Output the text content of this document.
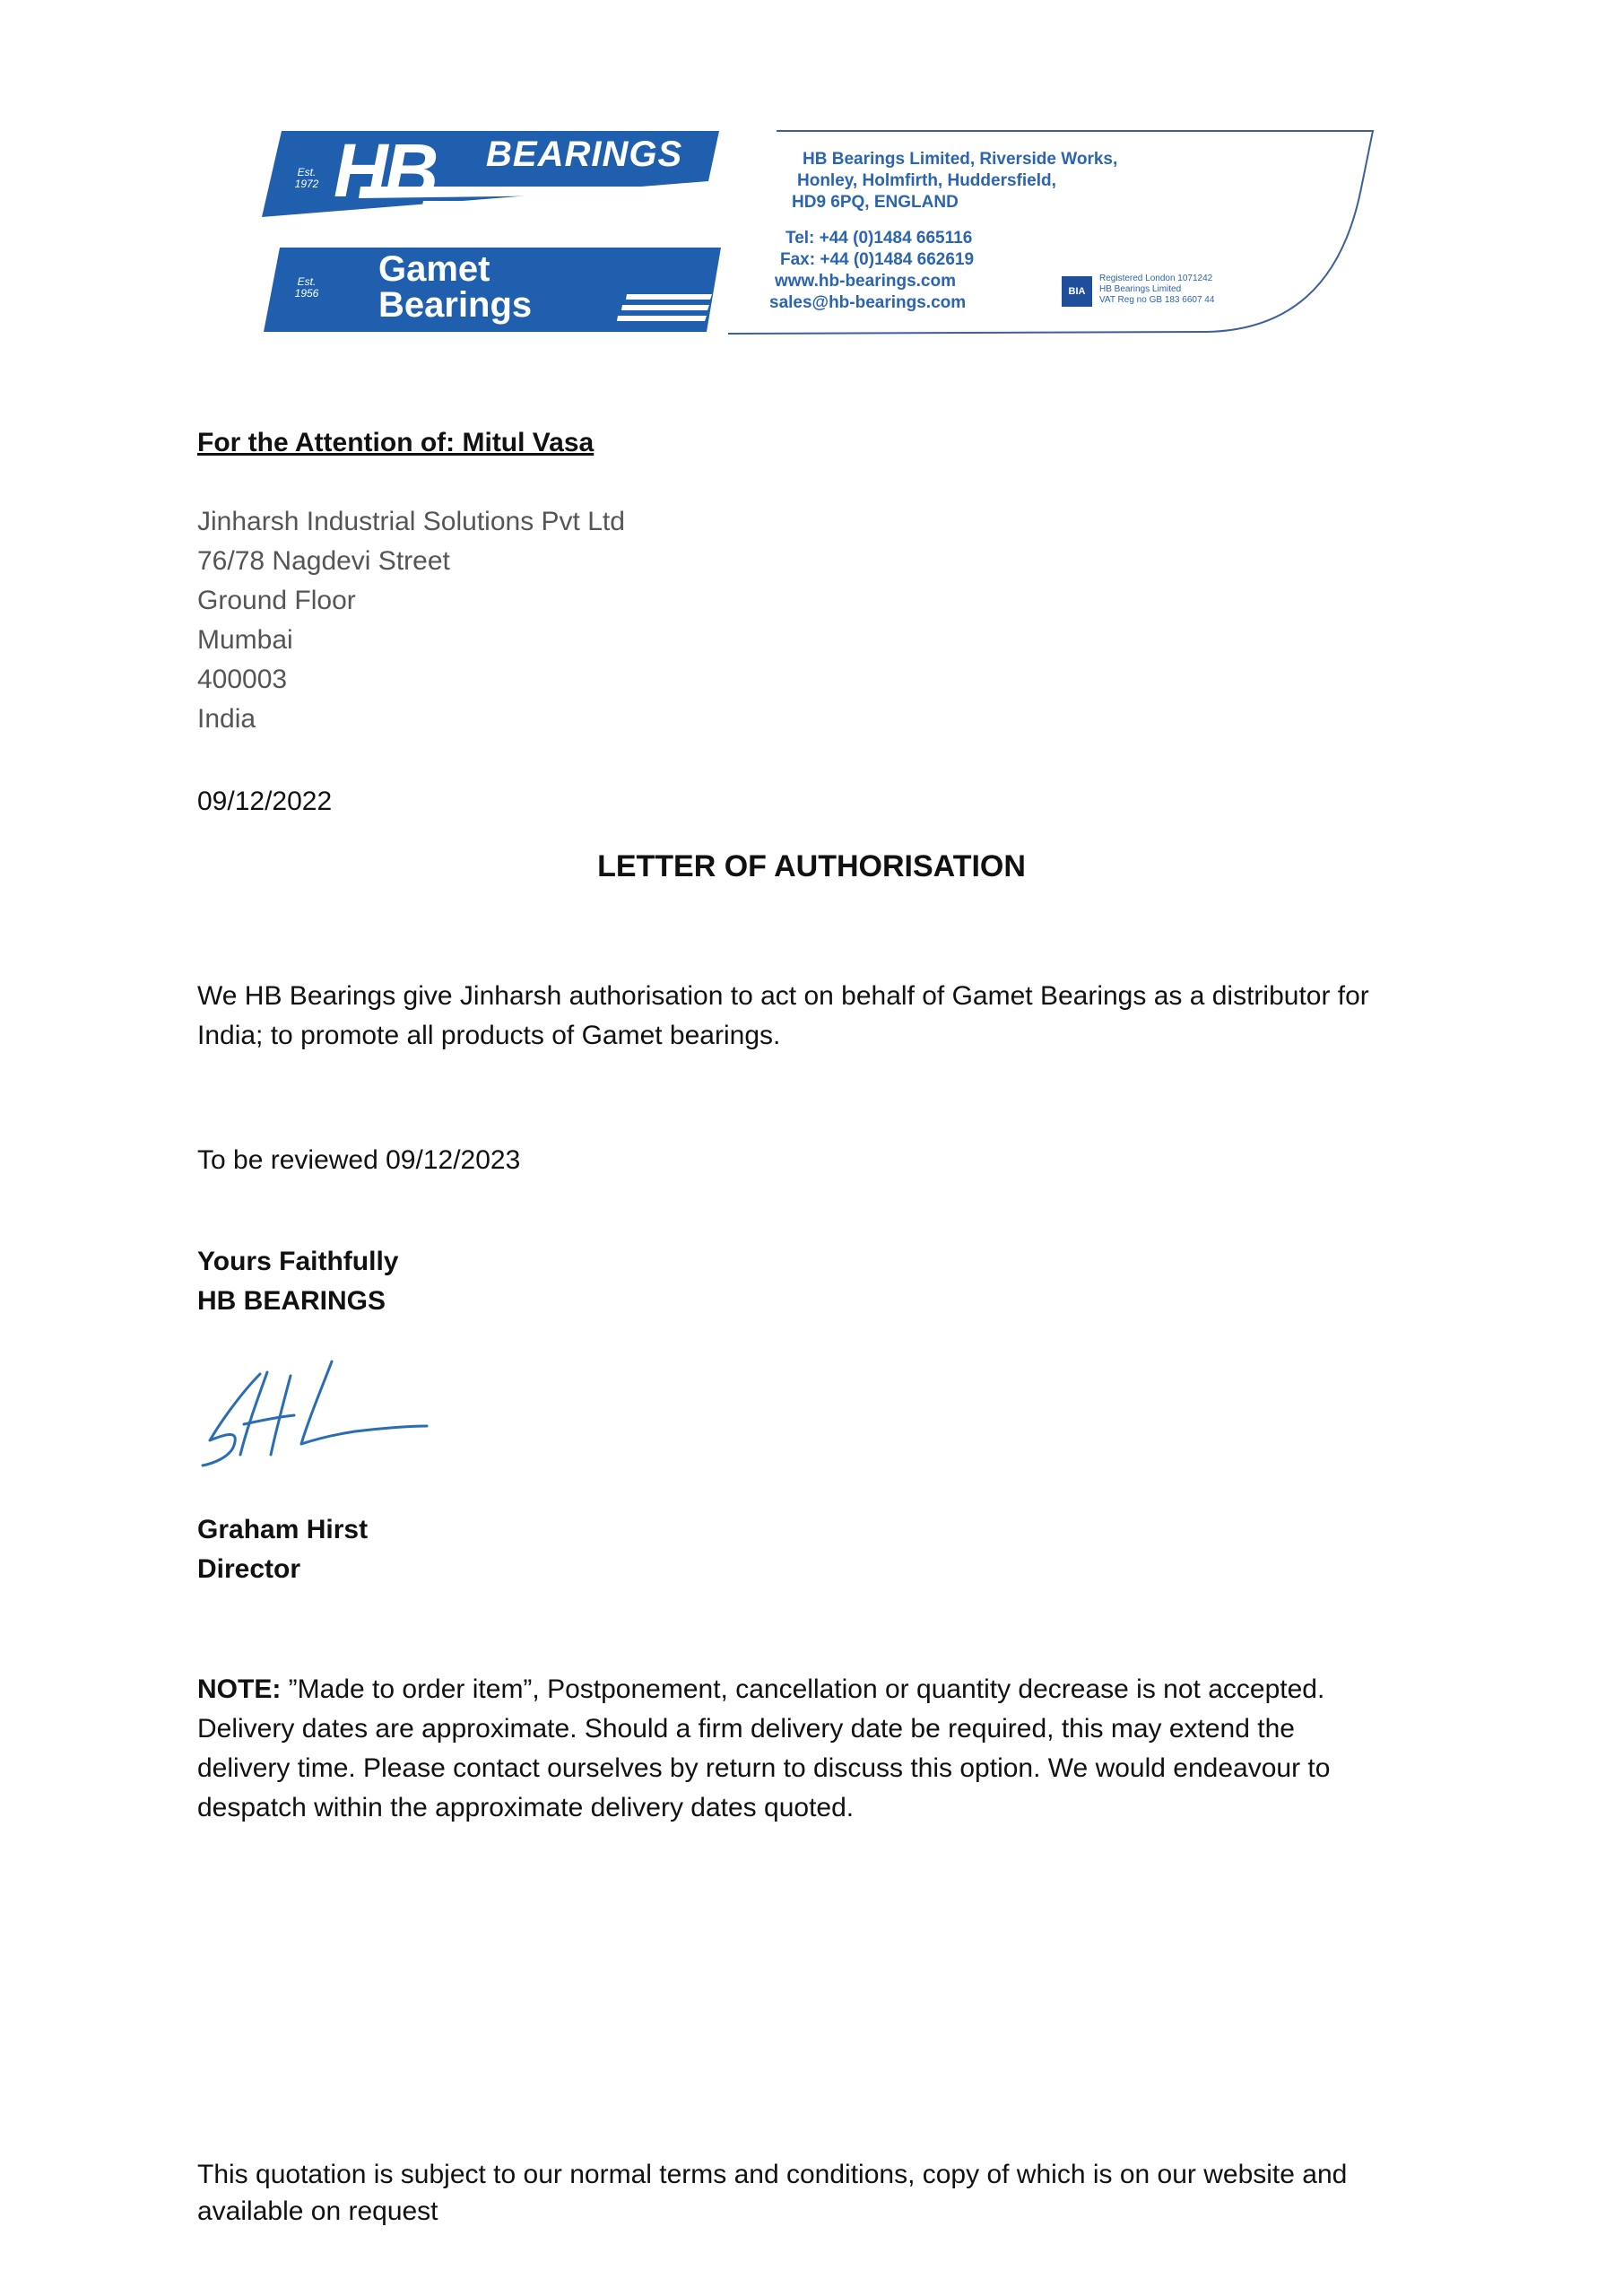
Est.
1972 HB BEARINGS
Est.
1956
Gamet
Bearings
HB Bearings Limited, Riverside Works,
Honley, Holmfirth, Huddersfield,
HD9 6PQ, ENGLAND
Tel: +44 (0)1484 665116
Fax: +44 (0)1484 662619
www.hb-bearings.com
sales@hb-bearings.com
BIA
Registered London 1071242
HB Bearings Limited
VAT Reg no GB 183 6607 44
For the Attention of: Mitul Vasa
Jinharsh Industrial Solutions Pvt Ltd
76/78 Nagdevi Street
Ground Floor
Mumbai
400003
India
09/12/2022
LETTER OF AUTHORISATION
We HB Bearings give Jinharsh authorisation to act on behalf of Gamet Bearings as a distributor for
India; to promote all products of Gamet bearings.
To be reviewed 09/12/2023
Yours Faithfully
HB BEARINGS
Graham Hirst
Director
NOTE: ”Made to order item”, Postponement, cancellation or quantity decrease is not accepted.
Delivery dates are approximate. Should a firm delivery date be required, this may extend the
delivery time. Please contact ourselves by return to discuss this option. We would endeavour to
despatch within the approximate delivery dates quoted.
This quotation is subject to our normal terms and conditions, copy of which is on our website and
available on request
